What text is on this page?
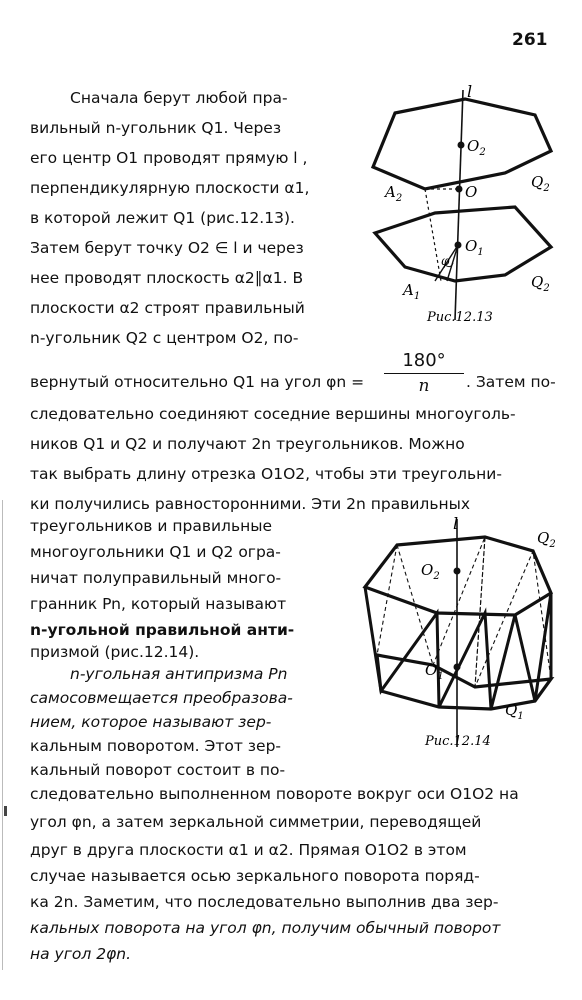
261
Сначала берут любой пра-
вильный n-угольник Q1. Через
его центр O1 проводят прямую l ,
перпендикулярную плоскости α1,
в которой лежит Q1 (рис.12.13).
Затем берут точку O2 ∈ l и через
нее проводят плоскость α2∥α1. В
плоскости α2 строят правильный
n-угольник Q2 с центром O2, по-
вернутый относительно Q1 на угол φn =	. Затем по-
следовательно соединяют соседние вершины многоуголь-
ников Q1 и Q2 и получают 2n треугольников. Можно
так выбрать длину отрезка O1O2, чтобы эти треугольни-
ки получились равносторонними. Эти 2n правильных
треугольников и правильные
многоугольники Q1 и Q2 огра-
ничат полуправильный много-
гранник Pn, который называют
n-угольной правильной анти-
призмой (рис.12.14).
n-угольная антипризма Pn
самосовмещается преобразова-
нием, которое называют зер-
кальным поворотом. Этот зер-
кальный поворот состоит в по-
следовательно выполненном повороте вокруг оси O1O2 на
угол φn, а затем зеркальной симметрии, переводящей
друг в друга плоскости α1 и α2. Прямая O1O2 в этом
случае называется осью зеркального поворота поряд-
ка 2n. Заметим, что последовательно выполнив два зер-
кальных поворота на угол φn, получим обычный поворот
на угол 2φn.
180°
n
l
$O_2$
$Q_2$
$A_2$	O
$O_1$
φ
$Q_2$
$A_1$
Рис.12.13
l
$Q_2$
$O_2$
$O_1$
$Q_1$
Рис.12.14
